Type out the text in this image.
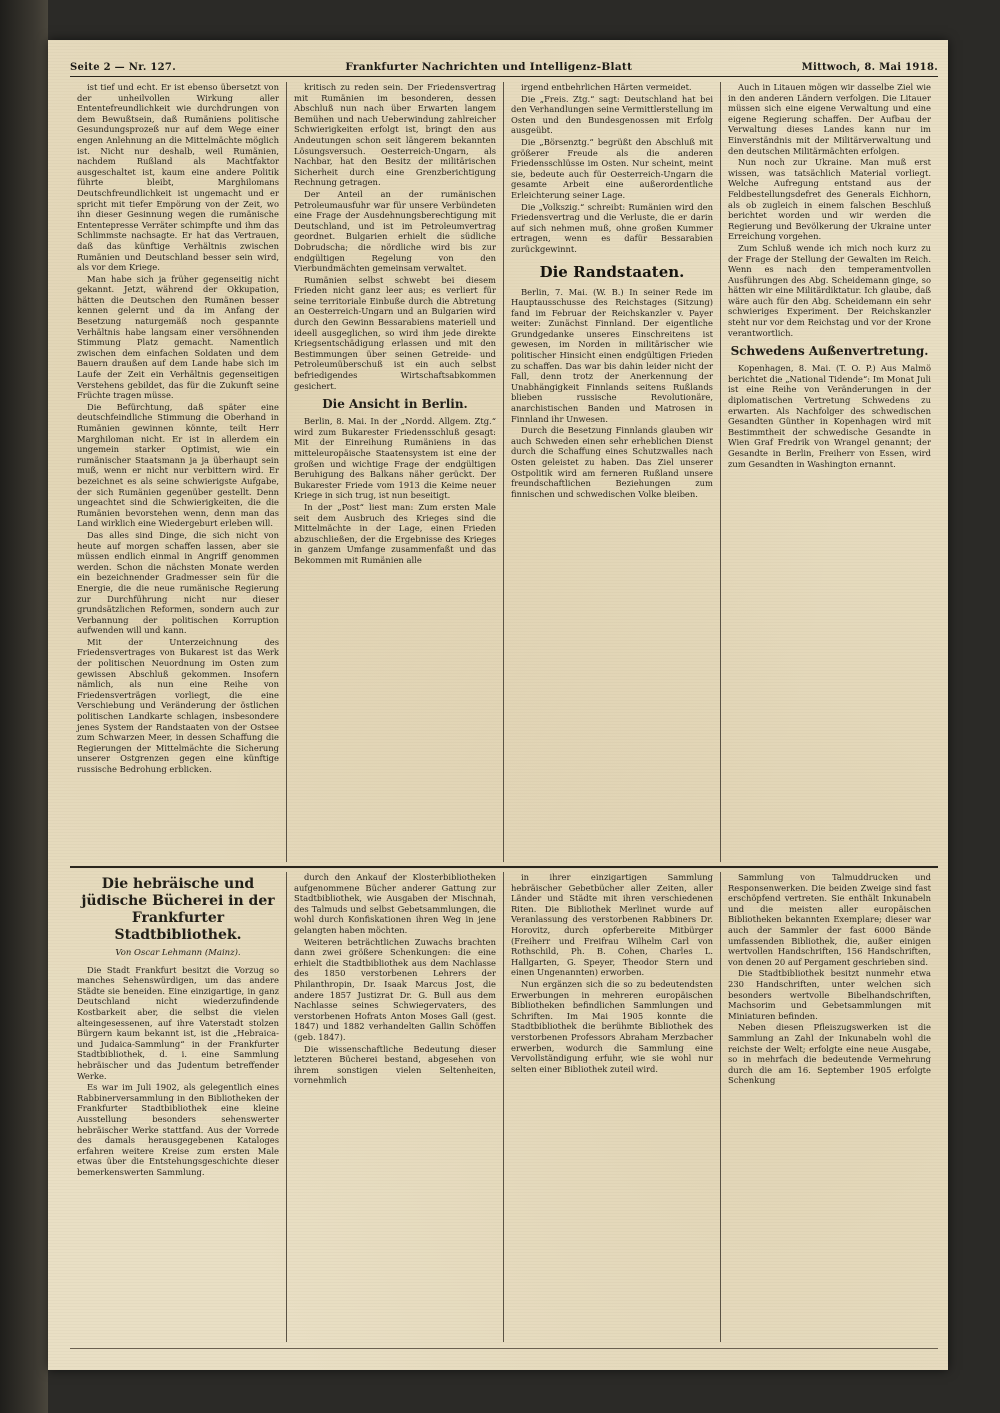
Seite 2 — Nr. 127.	Frankfurter Nachrichten und Intelligenz-Blatt	Mittwoch, 8. Mai 1918.

ist tief und echt. Er ist ebenso übersetzt von der unheilvollen Wirkung aller Ententefreundlichkeit wie durchdrungen von dem Bewußtsein, daß Rumäniens politische Gesundungsprozeß nur auf dem Wege einer engen Anlehnung an die Mittelmächte möglich ist. Nicht nur deshalb, weil Rumänien, nachdem Rußland als Machtfaktor ausgeschaltet ist, kaum eine andere Politik führte bleibt, Marghilomans Deutschfreundlichkeit ist ungemacht und er spricht mit tiefer Empörung von der Zeit, wo ihn dieser Gesinnung wegen die rumänische Ententepresse Verräter schimpfte und ihm das Schlimmste nachsagte. Er hat das Vertrauen, daß das künftige Verhältnis zwischen Rumänien und Deutschland besser sein wird, als vor dem Kriege.

Man habe sich ja früher gegenseitig nicht gekannt. Jetzt, während der Okkupation, hätten die Deutschen den Rumänen besser kennen gelernt und da im Anfang der Besetzung naturgemäß noch gespannte Verhältnis habe langsam einer versöhnenden Stimmung Platz gemacht. Namentlich zwischen dem einfachen Soldaten und dem Bauern draußen auf dem Lande habe sich im Laufe der Zeit ein Verhältnis gegenseitigen Verstehens gebildet, das für die Zukunft seine Früchte tragen müsse.

Die Befürchtung, daß später eine deutschfeindliche Stimmung die Oberhand in Rumänien gewinnen könnte, teilt Herr Marghiloman nicht. Er ist in allerdem ein ungemein starker Optimist, wie ein rumänischer Staatsmann ja ja überhaupt sein muß, wenn er nicht nur verbittern wird. Er bezeichnet es als seine schwierigste Aufgabe, der sich Rumänien gegenüber gestellt. Denn ungeachtet sind die Schwierigkeiten, die die Rumänien bevorstehen wenn, denn man das Land wirklich eine Wiedergeburt erleben will.

Das alles sind Dinge, die sich nicht von heute auf morgen schaffen lassen, aber sie müssen endlich einmal in Angriff genommen werden. Schon die nächsten Monate werden ein bezeichnender Gradmesser sein für die Energie, die die neue rumänische Regierung zur Durchführung nicht nur dieser grundsätzlichen Reformen, sondern auch zur Verbannung der politischen Korruption aufwenden will und kann.

Mit der Unterzeichnung des Friedensvertrages von Bukarest ist das Werk der politischen Neuordnung im Osten zum gewissen Abschluß gekommen. Insofern nämlich, als nun eine Reihe von Friedensverträgen vorliegt, die eine Verschiebung und Veränderung der östlichen politischen Landkarte schlagen, insbesondere jenes System der Randstaaten von der Ostsee zum Schwarzen Meer, in dessen Schaffung die Regierungen der Mittelmächte die Sicherung unserer Ostgrenzen gegen eine künftige russische Bedrohung erblicken.

kritisch zu reden sein. Der Friedensvertrag mit Rumänien im besonderen, dessen Abschluß nun nach über Erwarten langem Bemühen und nach Ueberwindung zahlreicher Schwierigkeiten erfolgt ist, bringt den aus Andeutungen schon seit längerem bekannten Lösungsversuch. Oesterreich-Ungarn, als Nachbar, hat den Besitz der militärischen Sicherheit durch eine Grenzberichtigung Rechnung getragen.

Der Anteil an der rumänischen Petroleumausfuhr war für unsere Verbündeten eine Frage der Ausdehnungsberechtigung mit Deutschland, und ist im Petroleumvertrag geordnet. Bulgarien erhielt die südliche Dobrudscha; die nördliche wird bis zur endgültigen Regelung von den Vierbundmächten gemeinsam verwaltet.

Rumänien selbst schwebt bei diesem Frieden nicht ganz leer aus; es verliert für seine territoriale Einbuße durch die Abtretung an Oesterreich-Ungarn und an Bulgarien wird durch den Gewinn Bessarabiens materiell und ideell ausgeglichen, so wird ihm jede direkte Kriegsentschädigung erlassen und mit den Bestimmungen über seinen Getreide- und Petroleumüberschuß ist ein auch selbst befriedigendes Wirtschaftsabkommen gesichert.

Die Ansicht in Berlin.

Berlin, 8. Mai. In der „Nordd. Allgem. Ztg.“ wird zum Bukarester Friedensschluß gesagt: Mit der Einreihung Rumäniens in das mitteleuropäische Staatensystem ist eine der großen und wichtige Frage der endgültigen Beruhigung des Balkans näher gerückt. Der Bukarester Friede vom 1913 die Keime neuer Kriege in sich trug, ist nun beseitigt.

In der „Post“ liest man: Zum ersten Male seit dem Ausbruch des Krieges sind die Mittelmächte in der Lage, einen Frieden abzuschließen, der die Ergebnisse des Krieges in ganzem Umfange zusammenfaßt und das Bekommen mit Rumänien alle

irgend entbehrlichen Härten vermeidet.

Die „Freis. Ztg.“ sagt: Deutschland hat bei den Verhandlungen seine Vermittlerstellung im Osten und den Bundesgenossen mit Erfolg ausgeübt.

Die „Börsenztg.“ begrüßt den Abschluß mit größerer Freude als die anderen Friedensschlüsse im Osten. Nur scheint, meint sie, bedeute auch für Oesterreich-Ungarn die gesamte Arbeit eine außerordentliche Erleichterung seiner Lage.

Die „Volkszig.“ schreibt: Rumänien wird den Friedensvertrag und die Verluste, die er darin auf sich nehmen muß, ohne großen Kummer ertragen, wenn es dafür Bessarabien zurückgewinnt.

Die Randstaaten.

Berlin, 7. Mai. (W. B.) In seiner Rede im Hauptausschusse des Reichstages (Sitzung) fand im Februar der Reichskanzler v. Payer weiter: Zunächst Finnland. Der eigentliche Grundgedanke unseres Einschreitens ist gewesen, im Norden in militärischer wie politischer Hinsicht einen endgültigen Frieden zu schaffen. Das war bis dahin leider nicht der Fall, denn trotz der Anerkennung der Unabhängigkeit Finnlands seitens Rußlands blieben russische Revolutionäre, anarchistischen Banden und Matrosen in Finnland ihr Unwesen.

Durch die Besetzung Finnlands glauben wir auch Schweden einen sehr erheblichen Dienst durch die Schaffung eines Schutzwalles nach Osten geleistet zu haben. Das Ziel unserer Ostpolitik wird am ferneren Rußland unsere freundschaftlichen Beziehungen zum finnischen und schwedischen Volke bleiben.

Auch in Litauen mögen wir dasselbe Ziel wie in den anderen Ländern verfolgen. Die Litauer müssen sich eine eigene Verwaltung und eine eigene Regierung schaffen. Der Aufbau der Verwaltung dieses Landes kann nur im Einverständnis mit der Militärverwaltung und den deutschen Militärmächten erfolgen.

Nun noch zur Ukraine. Man muß erst wissen, was tatsächlich Material vorliegt. Welche Aufregung entstand aus der Feldbestellungsdefret des Generals Eichhorn, als ob zugleich in einem falschen Beschluß berichtet worden und wir werden die Regierung und Bevölkerung der Ukraine unter Erreichung vorgehen.

Zum Schluß wende ich mich noch kurz zu der Frage der Stellung der Gewalten im Reich. Wenn es nach den temperamentvollen Ausführungen des Abg. Scheidemann ginge, so hätten wir eine Militärdiktatur. Ich glaube, daß wäre auch für den Abg. Scheidemann ein sehr schwieriges Experiment. Der Reichskanzler steht nur vor dem Reichstag und vor der Krone verantwortlich.

Schwedens Außenvertretung.

Kopenhagen, 8. Mai. (T. O. P.) Aus Malmö berichtet die „National Tidende“: Im Monat Juli ist eine Reihe von Veränderungen in der diplomatischen Vertretung Schwedens zu erwarten. Als Nachfolger des schwedischen Gesandten Günther in Kopenhagen wird mit Bestimmtheit der schwedische Gesandte in Wien Graf Fredrik von Wrangel genannt; der Gesandte in Berlin, Freiherr von Essen, wird zum Gesandten in Washington ernannt.

Die hebräische und jüdische Bücherei in der Frankfurter Stadtbibliothek.
Von Oscar Lehmann (Mainz).

Die Stadt Frankfurt besitzt die Vorzug so manches Sehenswürdigen, um das andere Städte sie beneiden. Eine einzigartige, in ganz Deutschland nicht wiederzufindende Kostbarkeit aber, die selbst die vielen alteingesessenen, auf ihre Vaterstadt stolzen Bürgern kaum bekannt ist, ist die „Hebraica- und Judaica-Sammlung“ in der Frankfurter Stadtbibliothek, d. i. eine Sammlung hebräischer und das Judentum betreffender Werke.

Es war im Juli 1902, als gelegentlich eines Rabbinerversammlung in den Bibliotheken der Frankfurter Stadtbibliothek eine kleine Ausstellung besonders sehenswerter hebräischer Werke stattfand. Aus der Vorrede des damals herausgegebenen Kataloges erfahren weitere Kreise zum ersten Male etwas über die Entstehungsgeschichte dieser bemerkenswerten Sammlung.

durch den Ankauf der Klosterbibliotheken aufgenommene Bücher anderer Gattung zur Stadtbibliothek, wie Ausgaben der Mischnah, des Talmuds und selbst Gebetsammlungen, die wohl durch Konfiskationen ihren Weg in jene gelangten haben möchten.

Weiteren beträchtlichen Zuwachs brachten dann zwei größere Schenkungen: die eine erhielt die Stadtbibliothek aus dem Nachlasse des 1850 verstorbenen Lehrers der Philanthropin, Dr. Isaak Marcus Jost, die andere 1857 Justizrat Dr. G. Bull aus dem Nachlasse seines Schwiegervaters, des verstorbenen Hofrats Anton Moses Gall (gest. 1847) und 1882 verhandelten Gallin Schöffen (geb. 1847).

Die wissenschaftliche Bedeutung dieser letzteren Bücherei bestand, abgesehen von ihrem sonstigen vielen Seltenheiten, vornehmlich

in ihrer einzigartigen Sammlung hebräischer Gebetbücher aller Zeiten, aller Länder und Städte mit ihren verschiedenen Riten. Die Bibliothek Merlinet wurde auf Veranlassung des verstorbenen Rabbiners Dr. Horovitz, durch opferbereite Mitbürger (Freiherr und Freifrau Wilhelm Carl von Rothschild, Ph. B. Cohen, Charles L. Hallgarten, G. Speyer, Theodor Stern und einen Ungenannten) erworben.

Nun ergänzen sich die so zu bedeutendsten Erwerbungen in mehreren europäischen Bibliotheken befindlichen Sammlungen und Schriften. Im Mai 1905 konnte die Stadtbibliothek die berühmte Bibliothek des verstorbenen Professors Abraham Merzbacher erwerben, wodurch die Sammlung eine Vervollständigung erfuhr, wie sie wohl nur selten einer Bibliothek zuteil wird.

Sammlung von Talmuddrucken und Responsenwerken. Die beiden Zweige sind fast erschöpfend vertreten. Sie enthält Inkunabeln und die meisten aller europäischen Bibliotheken bekannten Exemplare; dieser war auch der Sammler der fast 6000 Bände umfassenden Bibliothek, die, außer einigen wertvollen Handschriften, 156 Handschriften, von denen 20 auf Pergament geschrieben sind.

Die Stadtbibliothek besitzt nunmehr etwa 230 Handschriften, unter welchen sich besonders wertvolle Bibelhandschriften, Machsorim und Gebetsammlungen mit Miniaturen befinden.

Neben diesen Pfleiszugswerken ist die Sammlung an Zahl der Inkunabeln wohl die reichste der Welt; erfolgte eine neue Ausgabe, so in mehrfach die bedeutende Vermehrung durch die am 16. September 1905 erfolgte Schenkung
